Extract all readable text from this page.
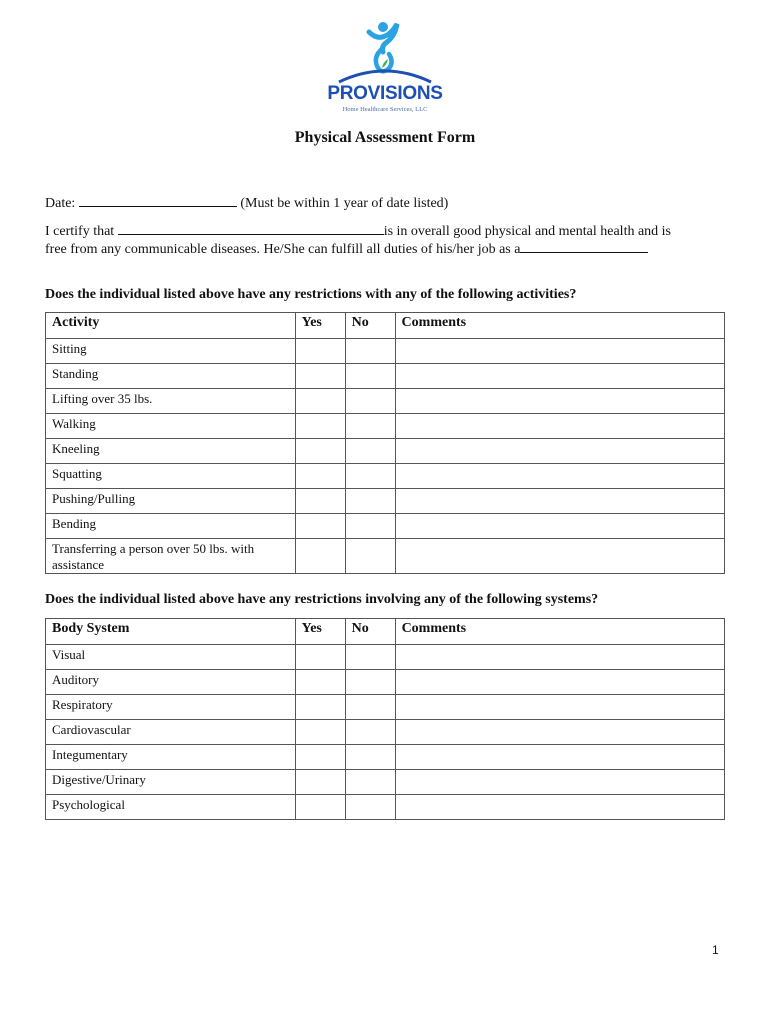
PROVISIONS
Home Healthcare Services, LLC
Physical Assessment Form
Date:	(Must be within 1 year of date listed)
I certify that	is in overall good physical and mental health and is
free from any communicable diseases. He/She can fulfill all duties of his/her job as a
Does the individual listed above have any restrictions with any of the following activities?
Activity	Yes	No	Comments
Sitting			
Standing			
Lifting over 35 lbs.			
Walking			
Kneeling			
Squatting			
Pushing/Pulling			
Bending			
Transferring a person over 50 lbs. with assistance			
Does the individual listed above have any restrictions involving any of the following systems?
Body System	Yes	No	Comments
Visual			
Auditory			
Respiratory			
Cardiovascular			
Integumentary			
Digestive/Urinary			
Psychological			
1
